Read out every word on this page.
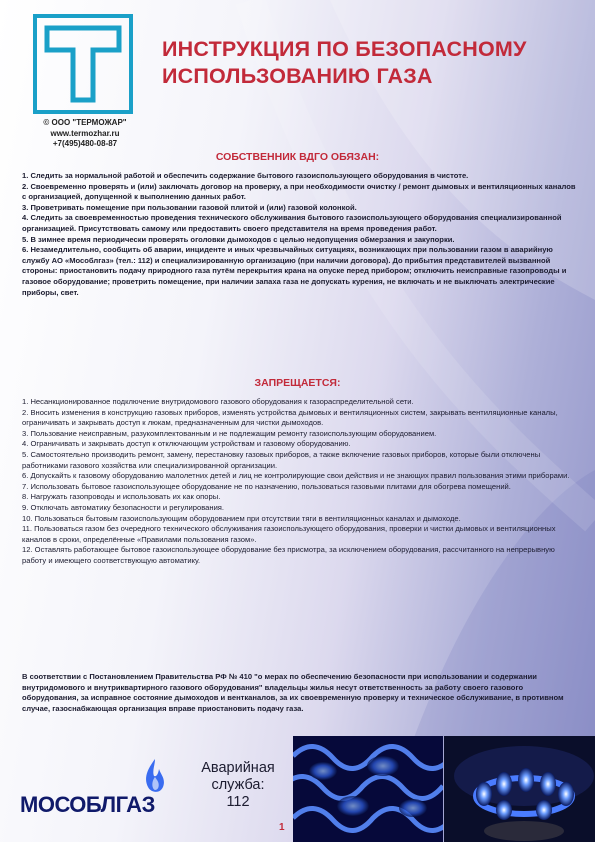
© ООО "ТЕРМОЖАР"
www.termozhar.ru
+7(495)480-08-87
ИНСТРУКЦИЯ ПО БЕЗОПАСНОМУ
ИСПОЛЬЗОВАНИЮ ГАЗА
СОБСТВЕННИК ВДГО ОБЯЗАН:
1. Следить за нормальной работой и обеспечить содержание бытового газоиспользующего оборудования в чистоте.
2. Своевременно проверять и (или) заключать договор на проверку, а при необходимости очистку / ремонт дымовых и вентиляционных каналов с организацией, допущенной к выполнению данных работ.
3. Проветривать помещение при пользовании газовой плитой и (или) газовой колонкой.
4. Следить за своевременностью проведения технического обслуживания бытового газоиспользующего оборудования специализированной организацией. Присутствовать самому или предоставить своего представителя на время проведения работ.
5. В зимнее время периодически проверять оголовки дымоходов с целью недопущения обмерзания и закупорки.
6. Незамедлительно, сообщить об аварии, инциденте и иных чрезвычайных ситуациях, возникающих при пользовании газом в аварийную службу АО «Мособлгаз» (тел.: 112) и специализированную организацию (при наличии договора). До прибытия представителей вызванной стороны: приостановить подачу природного газа путём перекрытия крана на опуске перед прибором; отключить неисправные газопроводы и газовое оборудование; проветрить помещение, при наличии запаха газа не допускать курения, не включать и не выключать электрические приборы, свет.
ЗАПРЕЩАЕТСЯ:
1. Несанкционированное подключение внутридомового газового оборудования к газораспределительной сети.
2. Вносить изменения в конструкцию газовых приборов, изменять устройства дымовых и вентиляционных систем, закрывать вентиляционные каналы, ограничивать и закрывать доступ к люкам, предназначенным для чистки дымоходов.
3. Пользование неисправным, разукомплектованным и не подлежащим ремонту газоиспользующим оборудованием.
4. Ограничивать и закрывать доступ к отключающим устройствам и газовому оборудованию.
5. Самостоятельно производить ремонт, замену, перестановку газовых приборов, а также включение газовых приборов, которые были отключены работниками газового хозяйства или специализированной организации.
6. Допускайть к газовому оборудованию малолетних детей и лиц не контролирующие свои действия и не знающих правил пользования этими приборами.
7. Использовать бытовое газоиспользующее оборудование не по назначению, пользоваться газовыми плитами для обогрева помещений.
8. Нагружать газопроводы и использовать их как опоры.
9. Отключать автоматику безопасности и регулирования.
10. Пользоваться бытовым газоиспользующим оборудованием при отсутствии тяги в вентиляционных каналах и дымоходе.
11. Пользоваться газом без очередного технического обслуживания газоиспользующего оборудования, проверки и чистки дымовых и вентиляционных каналов в сроки, определённые «Правилами пользования газом».
12. Оставлять работающее бытовое газоиспользующее оборудование без присмотра, за исключением оборудования, рассчитанного на непрерывную работу и имеющего соответствующую автоматику.

В соответствии с Постановлением Правительства РФ № 410 "о мерах по обеспечению безопасности при использовании и содержании внутридомового и внутриквартирного газового оборудования" владельцы жилья несут ответственность за работу своего газового оборудования, за исправное состояние дымоходов и вентканалов, за их своевременную проверку и техническое обслуживание, в противном случае, газоснабжающая организация вправе приостановить подачу газа.

МОСОБЛГАЗ
Аварийная
служба:
112
1
